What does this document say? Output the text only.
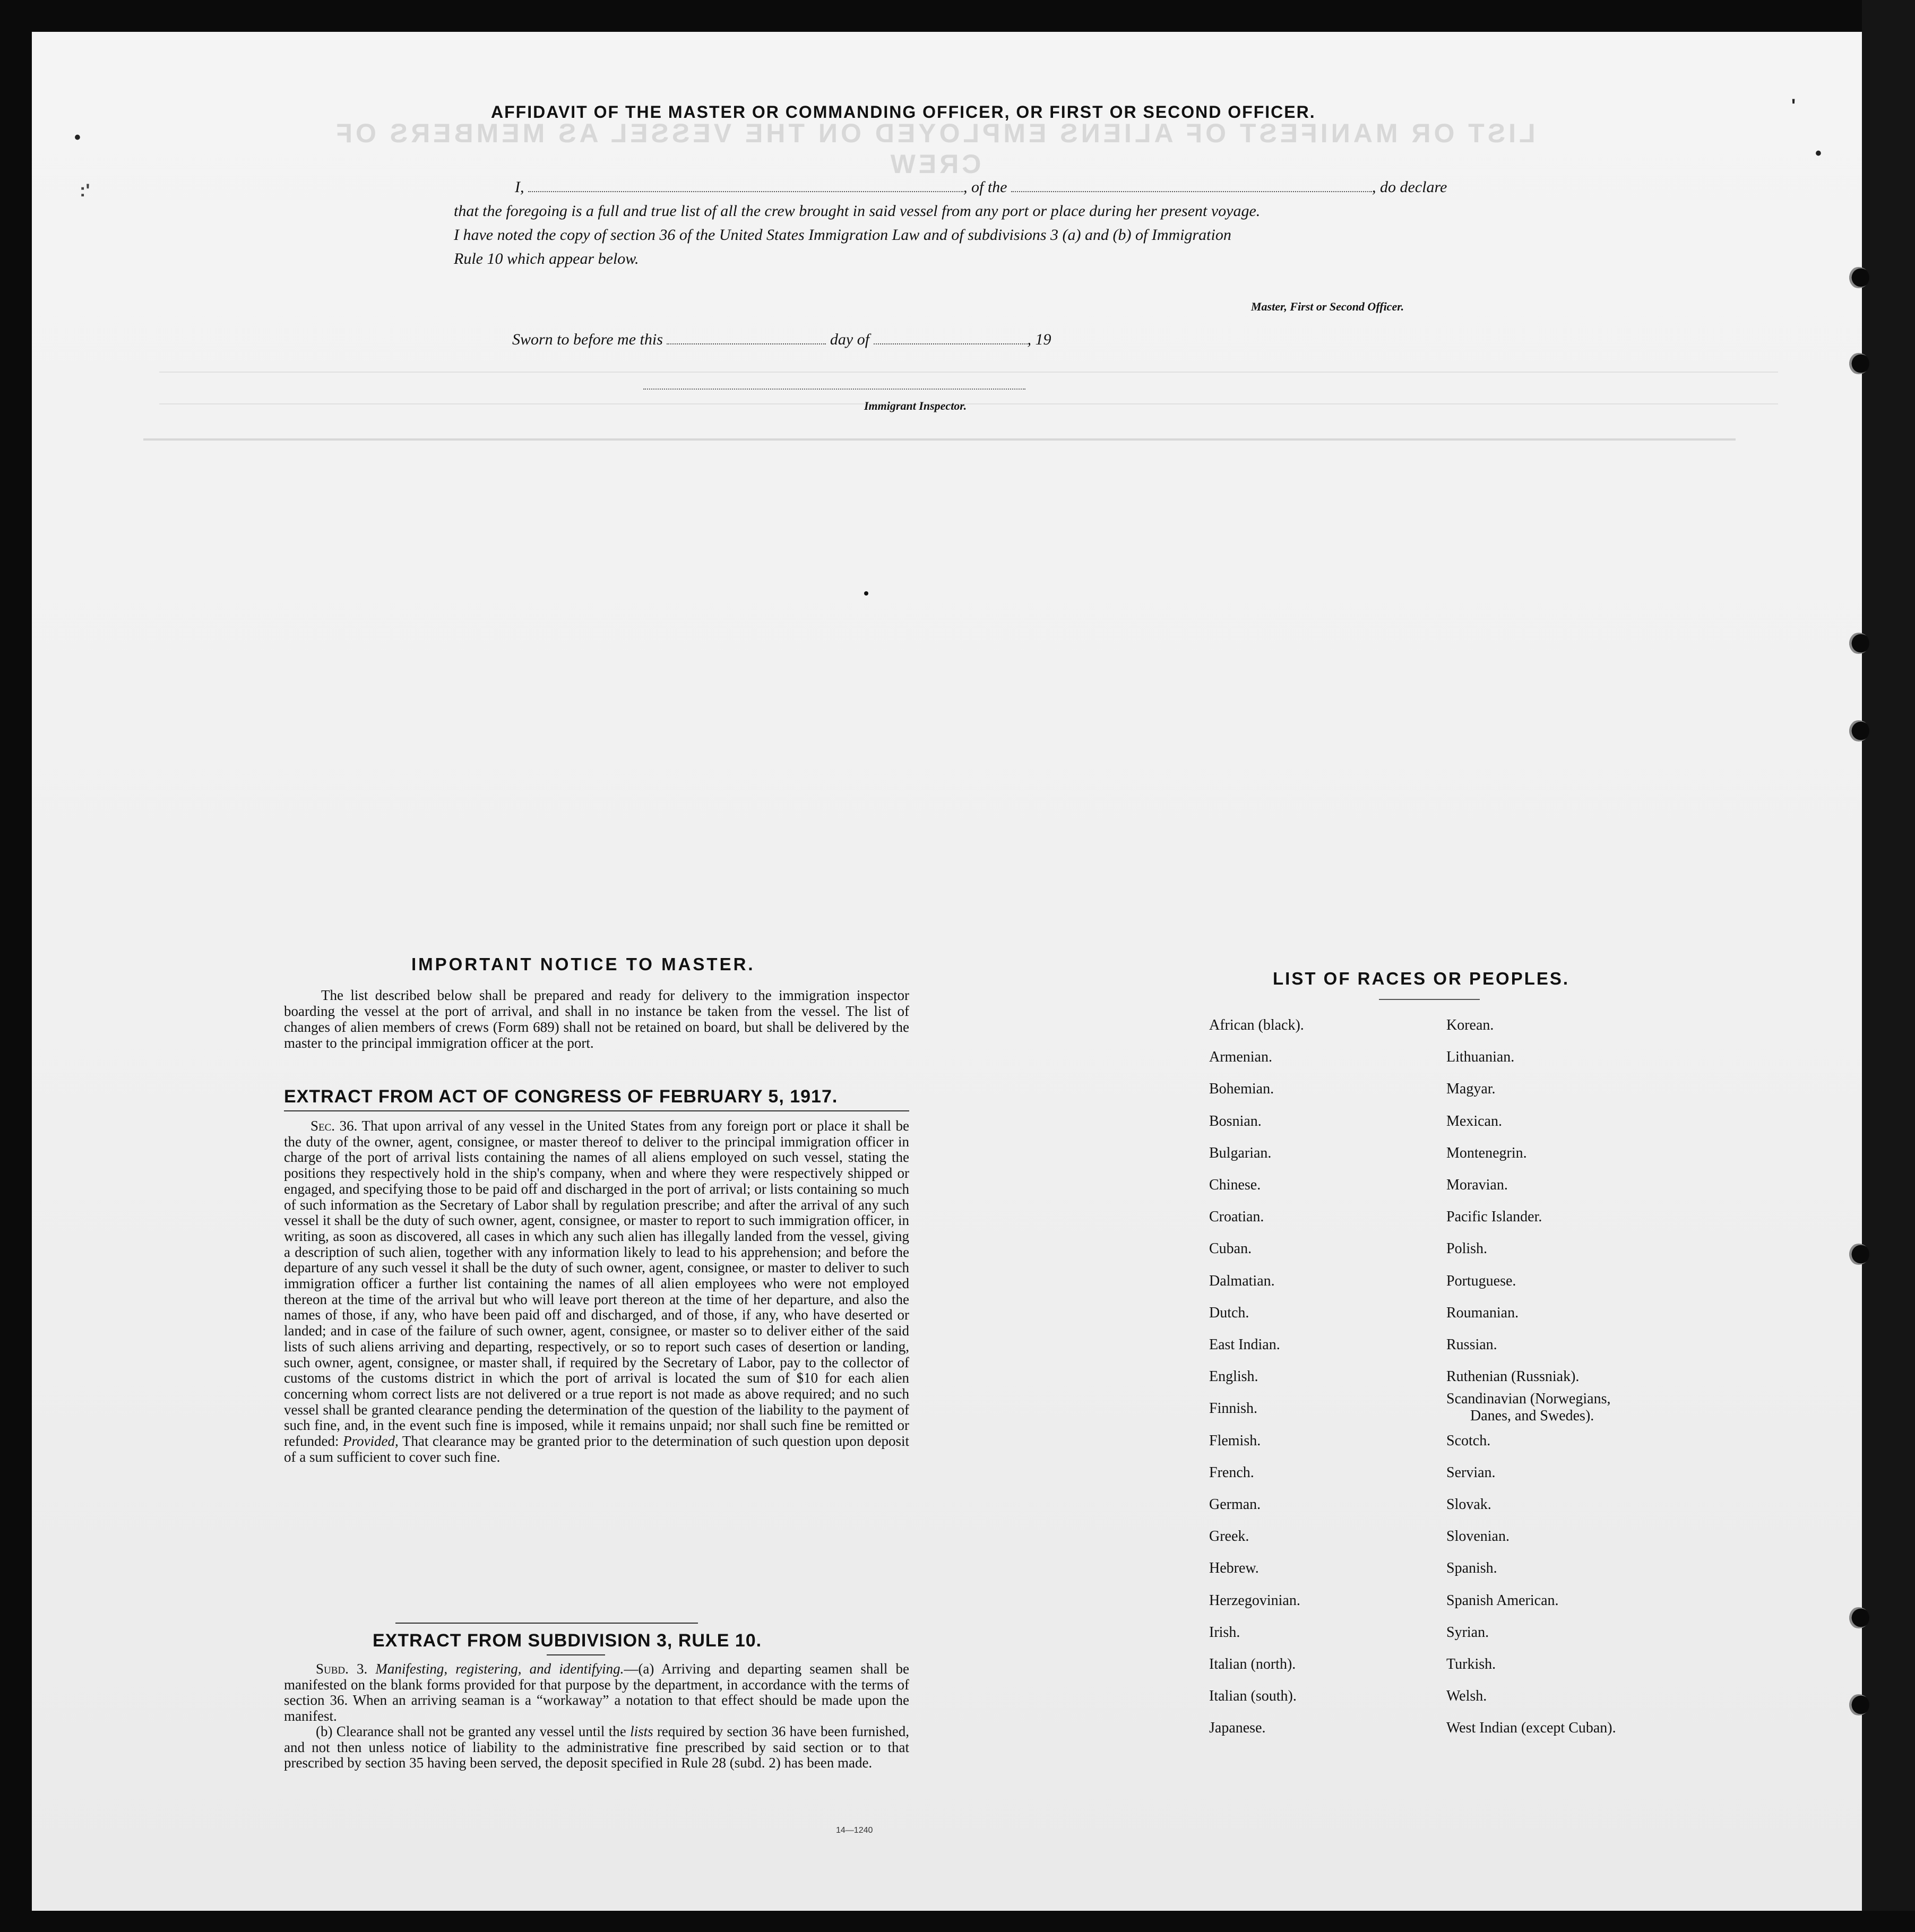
LIST OR MANIFEST OF ALIENS EMPLOYED ON THE VESSEL AS MEMBERS OF CREW
•
:'
'
•
AFFIDAVIT OF THE MASTER OR COMMANDING OFFICER, OR FIRST OR SECOND OFFICER.
I,	, of the	, do declare
that the foregoing is a full and true list of all the crew brought in said vessel from any port or place during her present voyage.
I have noted the copy of section 36 of the United States Immigration Law and of subdivisions 3 (a) and (b) of Immigration
Rule 10 which appear below.
Master, First or Second Officer.
Sworn to before me this	day of	, 19
Immigrant Inspector.
IMPORTANT NOTICE TO MASTER.
The list described below shall be prepared and ready for delivery to the immigration inspector boarding the vessel at the port of arrival, and shall in no instance be taken from the vessel. The list of changes of alien members of crews (Form 689) shall not be retained on board, but shall be delivered by the master to the principal immigration officer at the port.
EXTRACT FROM ACT OF CONGRESS OF FEBRUARY 5, 1917.
Sec. 36. That upon arrival of any vessel in the United States from any foreign port or place it shall be the duty of the owner, agent, consignee, or master thereof to deliver to the principal immigration officer in charge of the port of arrival lists containing the names of all aliens employed on such vessel, stating the positions they respectively hold in the ship's company, when and where they were respectively shipped or engaged, and specifying those to be paid off and discharged in the port of arrival; or lists containing so much of such information as the Secretary of Labor shall by regulation prescribe; and after the arrival of any such vessel it shall be the duty of such owner, agent, consignee, or master to report to such immigration officer, in writing, as soon as discovered, all cases in which any such alien has illegally landed from the vessel, giving a description of such alien, together with any information likely to lead to his apprehension; and before the departure of any such vessel it shall be the duty of such owner, agent, consignee, or master to deliver to such immigration officer a further list containing the names of all alien employees who were not employed thereon at the time of the arrival but who will leave port thereon at the time of her departure, and also the names of those, if any, who have been paid off and discharged, and of those, if any, who have deserted or landed; and in case of the failure of such owner, agent, consignee, or master so to deliver either of the said lists of such aliens arriving and departing, respectively, or so to report such cases of desertion or landing, such owner, agent, consignee, or master shall, if required by the Secretary of Labor, pay to the collector of customs of the customs district in which the port of arrival is located the sum of $10 for each alien concerning whom correct lists are not delivered or a true report is not made as above required; and no such vessel shall be granted clearance pending the determination of the question of the liability to the payment of such fine, and, in the event such fine is imposed, while it remains unpaid; nor shall such fine be remitted or refunded: Provided, That clearance may be granted prior to the determination of such question upon deposit of a sum sufficient to cover such fine.
EXTRACT FROM SUBDIVISION 3, RULE 10.

Subd. 3. Manifesting, registering, and identifying.—(a) Arriving and departing seamen shall be manifested on the blank forms provided for that purpose by the department, in accordance with the terms of section 36. When an arriving seaman is a “workaway” a notation to that effect should be made upon the manifest.

(b) Clearance shall not be granted any vessel until the lists required by section 36 have been furnished, and not then unless notice of liability to the administrative fine prescribed by said section or to that prescribed by section 35 having been served, the deposit specified in Rule 28 (subd. 2) has been made.

14—1240
LIST OF RACES OR PEOPLES.
African (black).
Armenian.
Bohemian.
Bosnian.
Bulgarian.
Chinese.
Croatian.
Cuban.
Dalmatian.
Dutch.
East Indian.
English.
Finnish.
Flemish.
French.
German.
Greek.
Hebrew.
Herzegovinian.
Irish.
Italian (north).
Italian (south).
Japanese.
Korean.
Lithuanian.
Magyar.
Mexican.
Montenegrin.
Moravian.
Pacific Islander.
Polish.
Portuguese.
Roumanian.
Russian.
Ruthenian (Russniak).
Scandinavian (Norwegians,
Danes, and Swedes).
Scotch.
Servian.
Slovak.
Slovenian.
Spanish.
Spanish American.
Syrian.
Turkish.
Welsh.
West Indian (except Cuban).
